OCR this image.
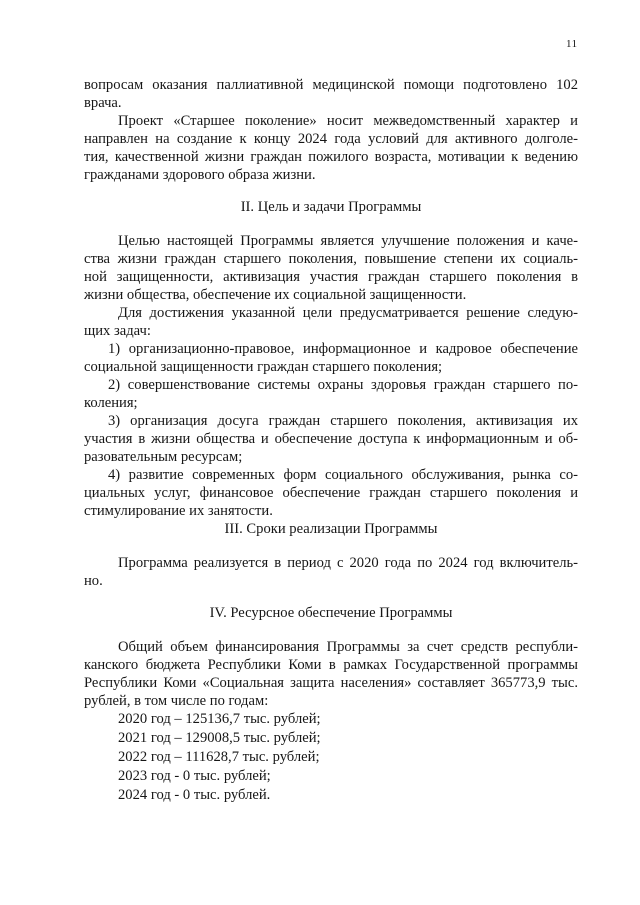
11
вопросам оказания паллиативной медицинской помощи подготовлено 102
врача.
Проект «Старшее поколение» носит межведомственный характер и
направлен на создание к концу 2024 года условий для активного долголе-
тия, качественной жизни граждан пожилого возраста, мотивации к ведению
гражданами здорового образа жизни.
II. Цель и задачи Программы
Целью настоящей Программы является улучшение положения и каче-
ства жизни граждан старшего поколения, повышение степени их социаль-
ной защищенности, активизация участия граждан старшего поколения в
жизни общества, обеспечение их социальной защищенности.
Для достижения указанной цели предусматривается решение следую-
щих задач:
1) организационно-правовое, информационное и кадровое обеспечение
социальной защищенности граждан старшего поколения;
2) совершенствование системы охраны здоровья граждан старшего по-
коления;
3) организация досуга граждан старшего поколения, активизация их
участия в жизни общества и обеспечение доступа к информационным и об-
разовательным ресурсам;
4) развитие современных форм социального обслуживания, рынка со-
циальных услуг, финансовое обеспечение граждан старшего поколения и
стимулирование их занятости.
III. Сроки реализации Программы
Программа реализуется в период с 2020 года по 2024 год включитель-
но.
IV. Ресурсное обеспечение Программы
Общий объем финансирования Программы за счет средств республи-
канского бюджета Республики Коми в рамках Государственной программы
Республики Коми «Социальная защита населения» составляет 365773,9 тыс.
рублей, в том числе по годам:
2020 год – 125136,7 тыс. рублей;
2021 год – 129008,5 тыс. рублей;
2022 год – 111628,7 тыс. рублей;
2023 год - 0 тыс. рублей;
2024 год - 0 тыс. рублей.
